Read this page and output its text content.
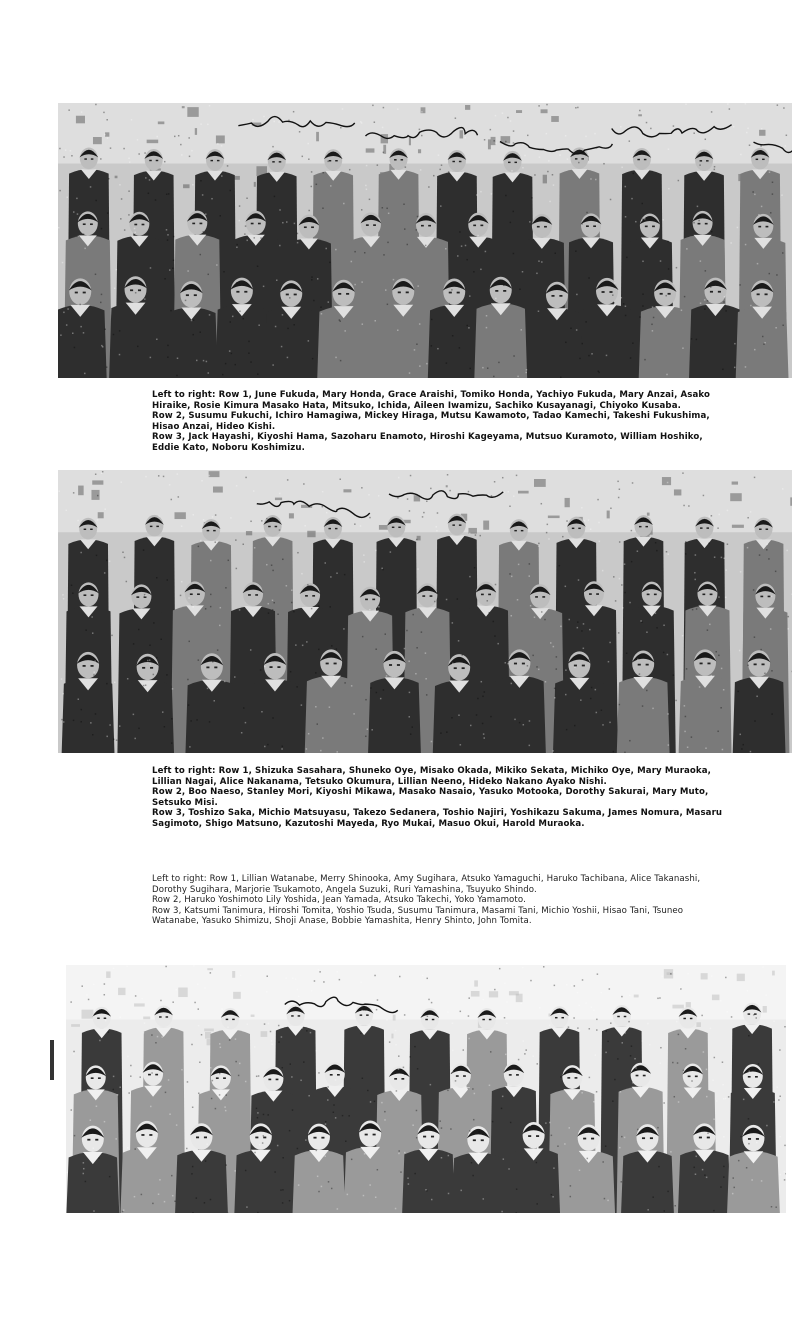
Left to right: Row 1, June Fukuda, Mary Honda, Grace Araishi, Tomiko Honda, Yachiyo Fukuda, Mary Anzai, Asako Hiraike, Rosie Kimura Masako Hata, Mitsuko, Ichida, Aileen Iwamizu, Sachiko Kusayanagi, Chiyoko Kusaba.

Row 2, Susumu Fukuchi, Ichiro Hamagiwa, Mickey Hiraga, Mutsu Kawamoto, Tadao Kamechi, Takeshi Fukushima, Hisao Anzai, Hideo Kishi.

Row 3, Jack Hayashi, Kiyoshi Hama, Sazoharu Enamoto, Hiroshi Kageyama, Mutsuo Kuramoto, William Hoshiko, Eddie Kato, Noboru Koshimizu.

Left to right: Row 1, Shizuka Sasahara, Shuneko Oye, Misako Okada, Mikiko Sekata, Michiko Oye, Mary Muraoka, Lillian Nagai, Alice Nakanama, Tetsuko Okumura, Lillian Neeno, Hideko Nakano Ayako Nishi.

Row 2, Boo Naeso, Stanley Mori, Kiyoshi Mikawa, Masako Nasaio, Yasuko Motooka, Dorothy Sakurai, Mary Muto, Setsuko Misi.

Row 3, Toshizo Saka, Michio Matsuyasu, Takezo Sedanera, Toshio Najiri, Yoshikazu Sakuma, James Nomura, Masaru Sagimoto, Shigo Matsuno, Kazutoshi Mayeda, Ryo Mukai, Masuo Okui, Harold Muraoka.

Left to right: Row 1, Lillian Watanabe, Merry Shinooka, Amy Sugihara, Atsuko Yamaguchi, Haruko Tachibana, Alice Takanashi, Dorothy Sugihara, Marjorie Tsukamoto, Angela Suzuki, Ruri Yamashina, Tsuyuko Shindo.

Row 2, Haruko Yoshimoto Lily Yoshida, Jean Yamada, Atsuko Takechi, Yoko Yamamoto.

Row 3, Katsumi Tanimura, Hiroshi Tomita, Yoshio Tsuda, Susumu Tanimura, Masami Tani, Michio Yoshii, Hisao Tani, Tsuneo Watanabe, Yasuko Shimizu, Shoji Anase, Bobbie Yamashita, Henry Shinto, John Tomita.
